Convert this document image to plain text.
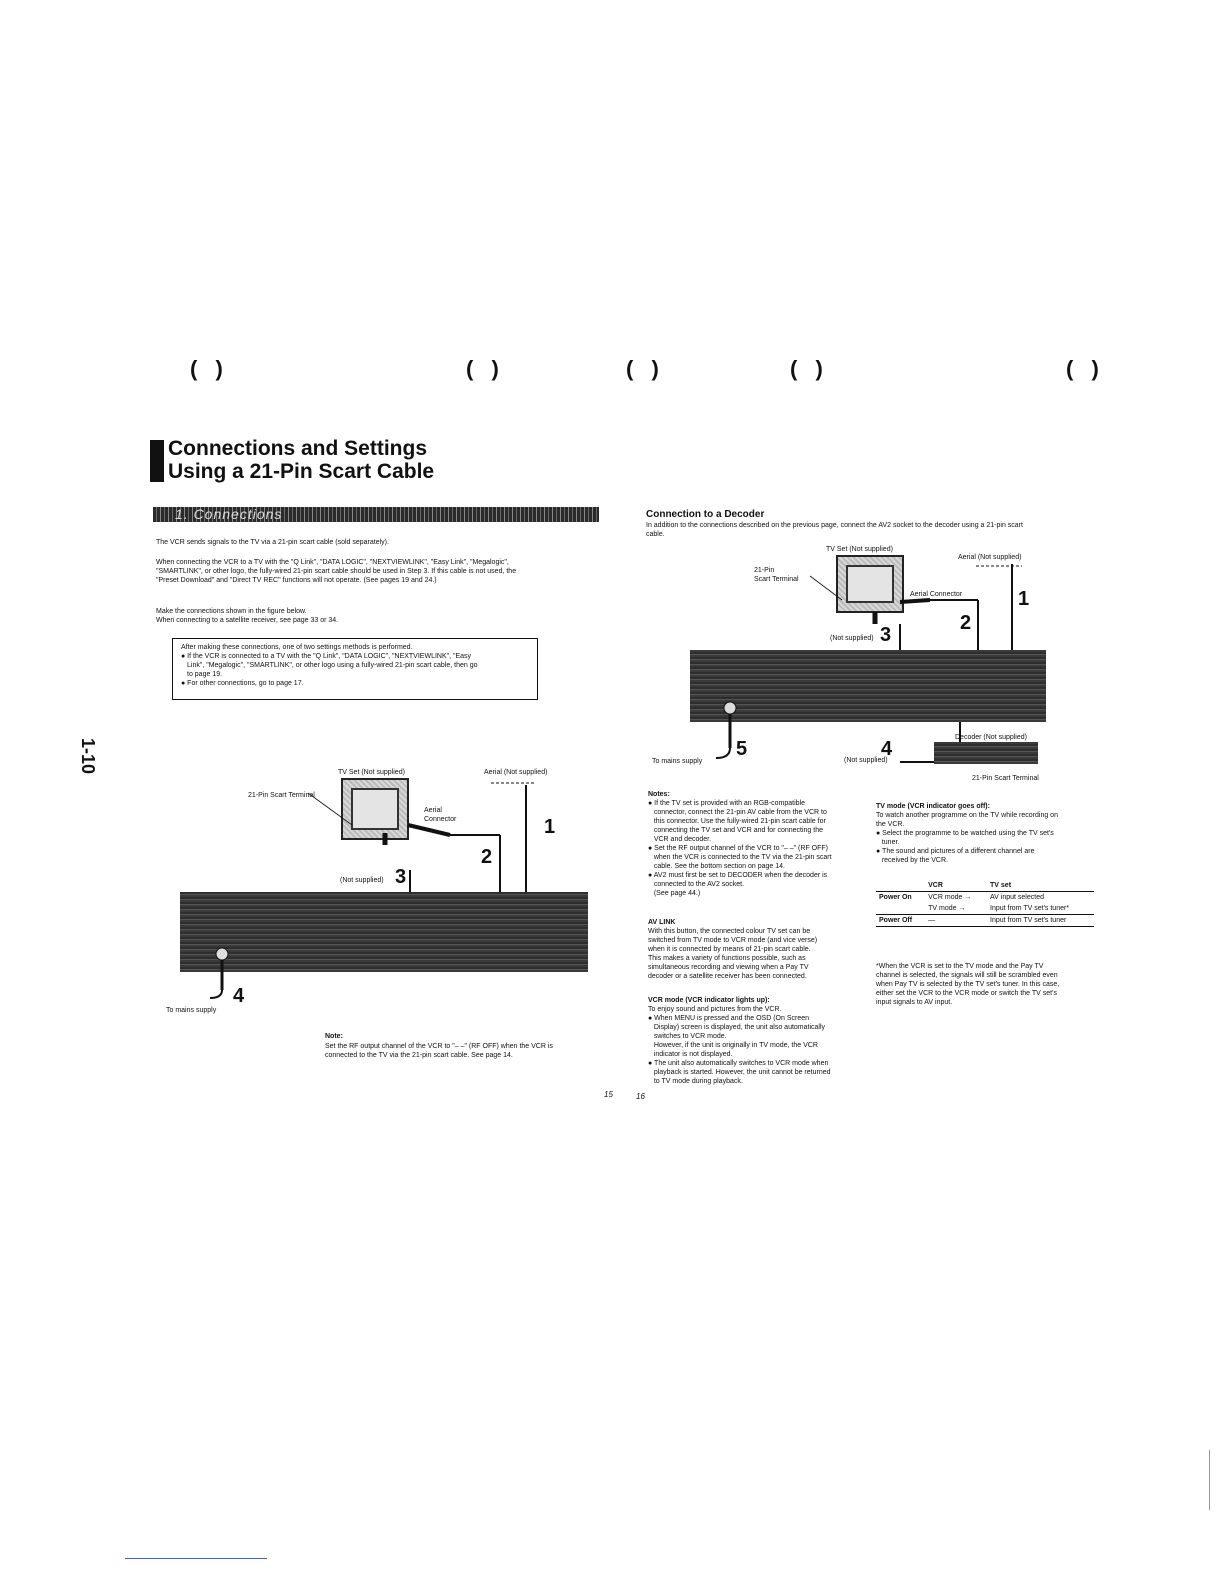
( )	( )	( )	( )	( )
1-10
Connections and Settings
Using a 21-Pin Scart Cable
1. Connections
The VCR sends signals to the TV via a 21-pin scart cable (sold separately).
When connecting the VCR to a TV with the "Q Link", "DATA LOGIC", "NEXTVIEWLINK", "Easy Link", "Megalogic",
"SMARTLINK", or other logo, the fully-wired 21-pin scart cable should be used in Step 3. If this cable is not used, the
"Preset Download" and "Direct TV REC" functions will not operate. (See pages 19 and 24.)
Make the connections shown in the figure below.
When connecting to a satellite receiver, see page 33 or 34.
After making these connections, one of two settings methods is performed.
● If the VCR is connected to a TV with the "Q Link", "DATA LOGIC", "NEXTVIEWLINK", "Easy
Link", "Megalogic", "SMARTLINK", or other logo using a fully-wired 21-pin scart cable, then go
to page 19.
● For other connections, go to page 17.
TV Set (Not supplied)	Aerial (Not supplied)
21-Pin Scart Terminal
Aerial
Connector
(Not supplied) 3
2
1
4
To mains supply
Note:
Set the RF output channel of the VCR to "– –" (RF OFF) when the VCR is
connected to the TV via the 21-pin scart cable. See page 14.
Connection to a Decoder
In addition to the connections described on the previous page, connect the AV2 socket to the decoder using a 21-pin scart
cable.
TV Set (Not supplied)
Aerial (Not supplied)
21-Pin
Scart Terminal
Aerial Connector
(Not supplied) 3
2
1
Decoder (Not supplied)
4
(Not supplied)
21-Pin Scart Terminal
5
To mains supply
Notes:
● If the TV set is provided with an RGB-compatible
connector, connect the 21-pin AV cable from the VCR to
this connector. Use the fully-wired 21-pin scart cable for
connecting the TV set and VCR and for connecting the
VCR and decoder.
● Set the RF output channel of the VCR to "– –" (RF OFF)
when the VCR is connected to the TV via the 21-pin scart
cable. See the bottom section on page 14.
● AV2 must first be set to DECODER when the decoder is
connected to the AV2 socket.
(See page 44.)
AV LINK
With this button, the connected colour TV set can be
switched from TV mode to VCR mode (and vice verse)
when it is connected by means of 21-pin scart cable.
This makes a variety of functions possible, such as
simultaneous recording and viewing when a Pay TV
decoder or a satellite receiver has been connected.
VCR mode (VCR indicator lights up):
To enjoy sound and pictures from the VCR.
● When MENU is pressed and the OSD (On Screen
Display) screen is displayed, the unit also automatically
switches to VCR mode.
However, if the unit is originally in TV mode, the VCR
indicator is not displayed.
● The unit also automatically switches to VCR mode when
playback is started. However, the unit cannot be returned
to TV mode during playback.
TV mode (VCR indicator goes off):
To watch another programme on the TV while recording on
the VCR.
● Select the programme to be watched using the TV set's
tuner.
● The sound and pictures of a different channel are
received by the VCR.
	VCR	TV set
Power On	VCR mode →	AV input selected
	TV mode →	Input from TV set's tuner*
Power Off	—	Input from TV set's tuner
*When the VCR is set to the TV mode and the Pay TV
channel is selected, the signals will still be scrambled even
when Pay TV is selected by the TV set's tuner. In this case,
either set the VCR to the VCR mode or switch the TV set's
input signals to AV input.
15	16
